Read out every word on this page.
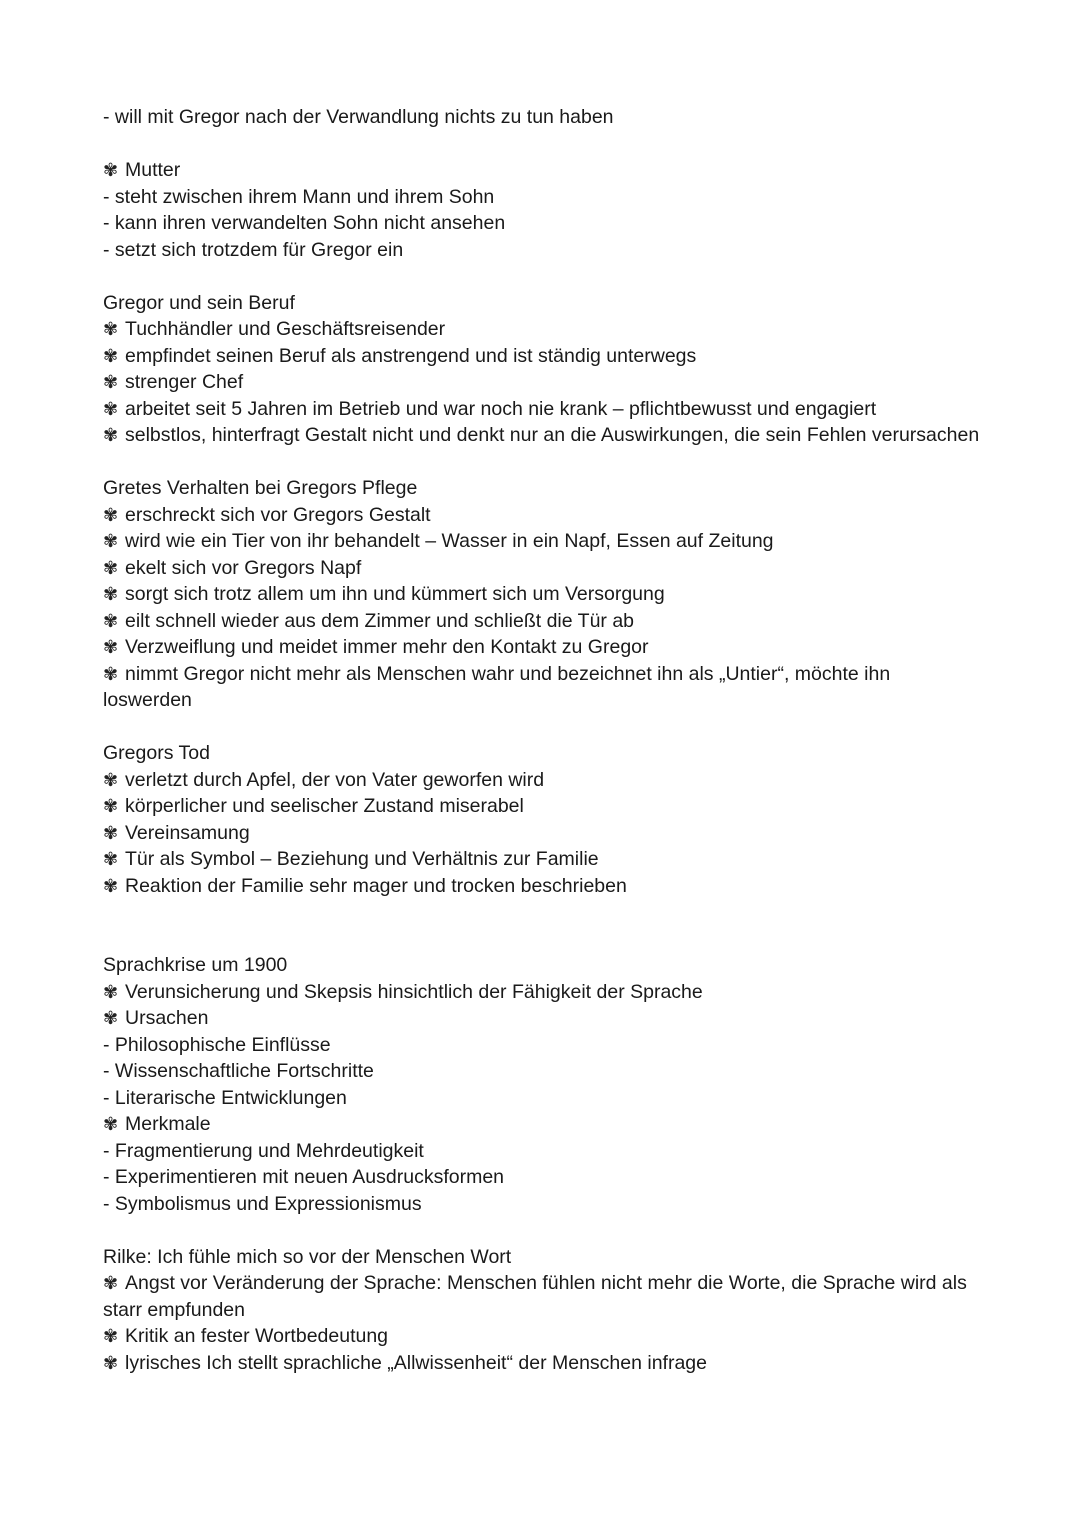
- will mit Gregor nach der Verwandlung nichts zu tun haben
✾ Mutter
- steht zwischen ihrem Mann und ihrem Sohn
- kann ihren verwandelten Sohn nicht ansehen
- setzt sich trotzdem für Gregor ein
Gregor und sein Beruf
✾ Tuchhändler und Geschäftsreisender
✾ empfindet seinen Beruf als anstrengend und ist ständig unterwegs
✾ strenger Chef
✾ arbeitet seit 5 Jahren im Betrieb und war noch nie krank – pflichtbewusst und engagiert
✾ selbstlos, hinterfragt Gestalt nicht und denkt nur an die Auswirkungen, die sein Fehlen verursachen
Gretes Verhalten bei Gregors Pflege
✾ erschreckt sich vor Gregors Gestalt
✾ wird wie ein Tier von ihr behandelt – Wasser in ein Napf, Essen auf Zeitung
✾ ekelt sich vor Gregors Napf
✾ sorgt sich trotz allem um ihn und kümmert sich um Versorgung
✾ eilt schnell wieder aus dem Zimmer und schließt die Tür ab
✾ Verzweiflung und meidet immer mehr den Kontakt zu Gregor
✾ nimmt Gregor nicht mehr als Menschen wahr und bezeichnet ihn als „Untier“, möchte ihn loswerden
Gregors Tod
✾ verletzt durch Apfel, der von Vater geworfen wird
✾ körperlicher und seelischer Zustand miserabel
✾ Vereinsamung
✾ Tür als Symbol – Beziehung und Verhältnis zur Familie
✾ Reaktion der Familie sehr mager und trocken beschrieben
Sprachkrise um 1900
✾ Verunsicherung und Skepsis hinsichtlich der Fähigkeit der Sprache
✾ Ursachen
- Philosophische Einflüsse
- Wissenschaftliche Fortschritte
- Literarische Entwicklungen
✾ Merkmale
- Fragmentierung und Mehrdeutigkeit
- Experimentieren mit neuen Ausdrucksformen
- Symbolismus und Expressionismus
Rilke: Ich fühle mich so vor der Menschen Wort
✾ Angst vor Veränderung der Sprache: Menschen fühlen nicht mehr die Worte, die Sprache wird als starr empfunden
✾ Kritik an fester Wortbedeutung
✾ lyrisches Ich stellt sprachliche „Allwissenheit“ der Menschen infrage
